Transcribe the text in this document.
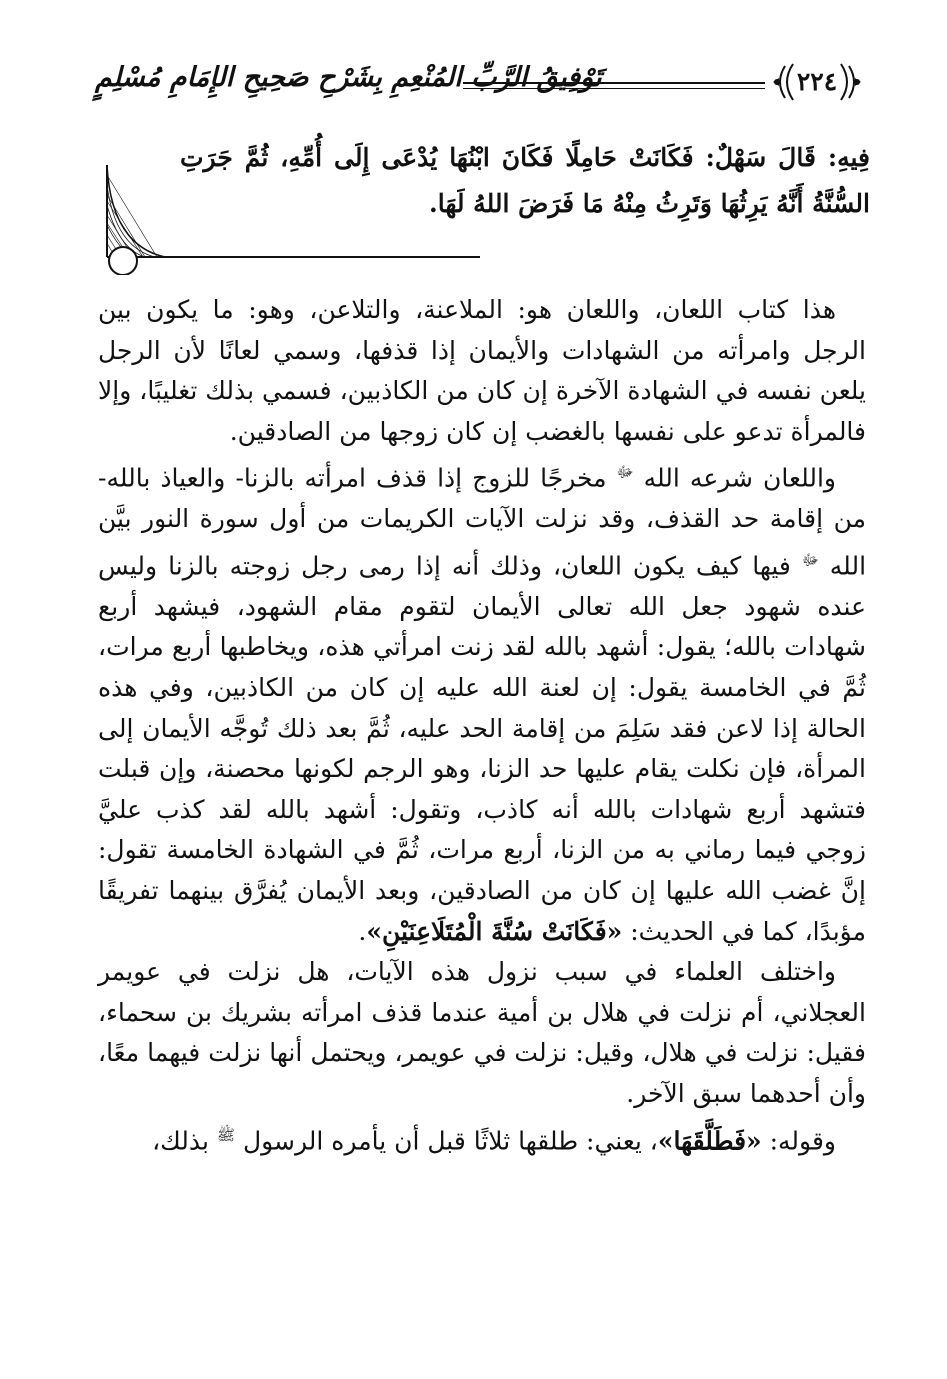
تَوْفِيقُ الرَّبِّ المُنْعِمِ بِشَرْحِ صَحِيحِ الإِمَامِ مُسْلِمٍ	٢٢٤
فِيهِ: قَالَ سَهْلٌ: فَكَانَتْ حَامِلًا فَكَانَ ابْنُهَا يُدْعَى إِلَى أُمِّهِ، ثُمَّ جَرَتِ السُّنَّةُ أَنَّهُ يَرِثُهَا وَتَرِثُ مِنْهُ مَا فَرَضَ اللهُ لَهَا.

هذا كتاب اللعان، واللعان هو: الملاعنة، والتلاعن، وهو: ما يكون بين الرجل وامرأته من الشهادات والأيمان إذا قذفها، وسمي لعانًا لأن الرجل يلعن نفسه في الشهادة الآخرة إن كان من الكاذبين، فسمي بذلك تغليبًا، وإلا فالمرأة تدعو على نفسها بالغضب إن كان زوجها من الصادقين.

واللعان شرعه الله $^ﷻ$ مخرجًا للزوج إذا قذف امرأته بالزنا- والعياذ بالله- من إقامة حد القذف، وقد نزلت الآيات الكريمات من أول سورة النور بيَّن الله $^ﷻ$ فيها كيف يكون اللعان، وذلك أنه إذا رمى رجل زوجته بالزنا وليس عنده شهود جعل الله تعالى الأيمان لتقوم مقام الشهود، فيشهد أربع شهادات بالله؛ يقول: أشهد بالله لقد زنت امرأتي هذه، ويخاطبها أربع مرات، ثُمَّ في الخامسة يقول: إن لعنة الله عليه إن كان من الكاذبين، وفي هذه الحالة إذا لاعن فقد سَلِمَ من إقامة الحد عليه، ثُمَّ بعد ذلك تُوجَّه الأيمان إلى المرأة، فإن نكلت يقام عليها حد الزنا، وهو الرجم لكونها محصنة، وإن قبلت فتشهد أربع شهادات بالله أنه كاذب، وتقول: أشهد بالله لقد كذب عليَّ زوجي فيما رماني به من الزنا، أربع مرات، ثُمَّ في الشهادة الخامسة تقول: إنَّ غضب الله عليها إن كان من الصادقين، وبعد الأيمان يُفرَّق بينهما تفريقًا مؤبدًا، كما في الحديث: «فَكَانَتْ سُنَّةَ الْمُتَلَاعِنَيْنِ».

واختلف العلماء في سبب نزول هذه الآيات، هل نزلت في عويمر العجلاني، أم نزلت في هلال بن أمية عندما قذف امرأته بشريك بن سحماء، فقيل: نزلت في هلال، وقيل: نزلت في عويمر، ويحتمل أنها نزلت فيهما معًا، وأن أحدهما سبق الآخر.

وقوله: «فَطَلَّقَهَا»، يعني: طلقها ثلاثًا قبل أن يأمره الرسول $^ﷺ$ بذلك،
